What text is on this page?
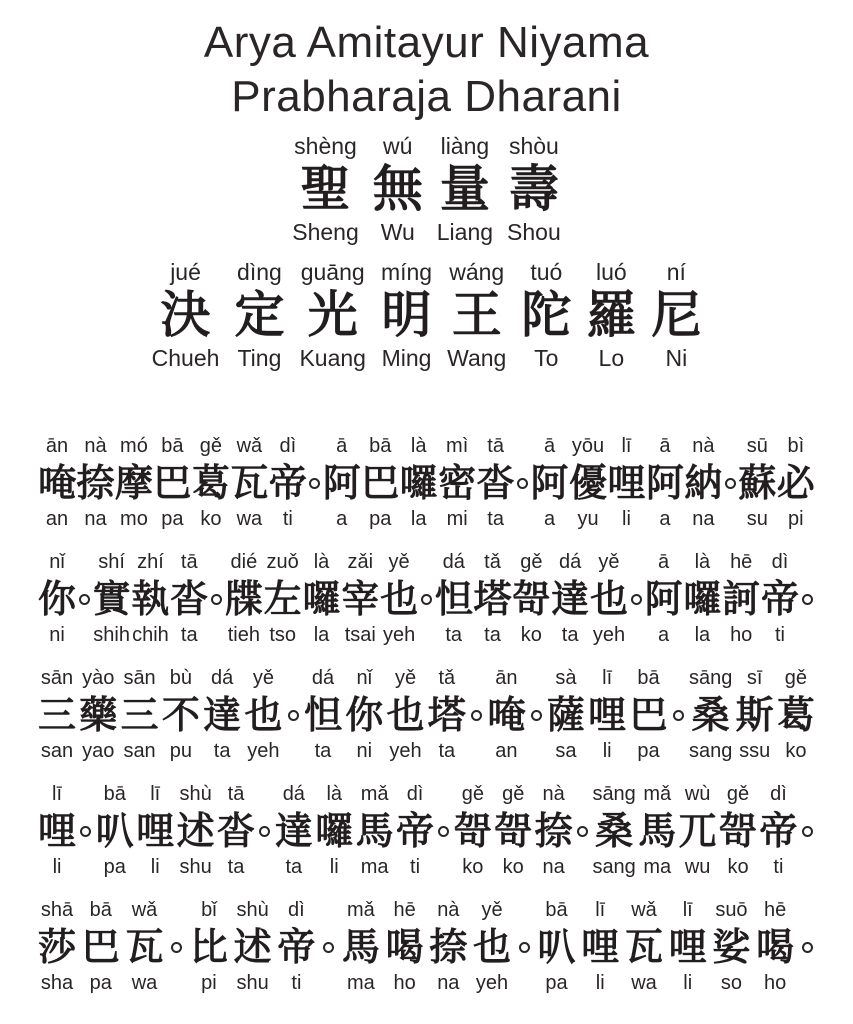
Arya Amitayur Niyama
Prabharaja Dharani
shèng
聖
Sheng
wú
無
Wu
liàng
量
Liang
shòu
壽
Shou
jué
決
Chueh
dìng
定
Ting
guāng
光
Kuang
míng
明
Ming
wáng
王
Wang
tuó
陀
To
luó
羅
Lo
ní
尼
Ni
ān
唵
an
nà
捺
na
mó
摩
mo
bā
巴
pa
gě
葛
ko
wǎ
瓦
wa
dì
帝
ti

ā
阿
a
bā
巴
pa
là
囉
la
mì
密
mi
tā
沓
ta

ā
阿
a
yōu
優
yu
lī
哩
li
ā
阿
a
nà
納
na

sū
蘇
su
bì
必
pi
nǐ
你
ni

shí
實
shih
zhí
執
chih
tā
沓
ta

dié
牒
tieh
zuǒ
左
tso
là
囉
la
zǎi
宰
tsai
yě
也
yeh

dá
怛
ta
tǎ
塔
ta
gě
哿
ko
dá
達
ta
yě
也
yeh

ā
阿
a
là
囉
la
hē
訶
ho
dì
帝
ti

sān
三
san
yào
藥
yao
sān
三
san
bù
不
pu
dá
達
ta
yě
也
yeh

dá
怛
ta
nǐ
你
ni
yě
也
yeh
tǎ
塔
ta

ān
唵
an

sà
薩
sa
lī
哩
li
bā
巴
pa

sāng
桑
sang
sī
斯
ssu
gě
葛
ko
lī
哩
li

bā
叭
pa
lī
哩
li
shù
述
shu
tā
沓
ta

dá
達
ta
là
囉
li
mǎ
馬
ma
dì
帝
ti

gě
哿
ko
gě
哿
ko
nà
捺
na

sāng
桑
sang
mǎ
馬
ma
wù
兀
wu
gě
哿
ko
dì
帝
ti

shā
莎
sha
bā
巴
pa
wǎ
瓦
wa

bǐ
比
pi
shù
述
shu
dì
帝
ti

mǎ
馬
ma
hē
喝
ho
nà
捺
na
yě
也
yeh

bā
叭
pa
lī
哩
li
wǎ
瓦
wa
lī
哩
li
suō
娑
so
hē
喝
ho
